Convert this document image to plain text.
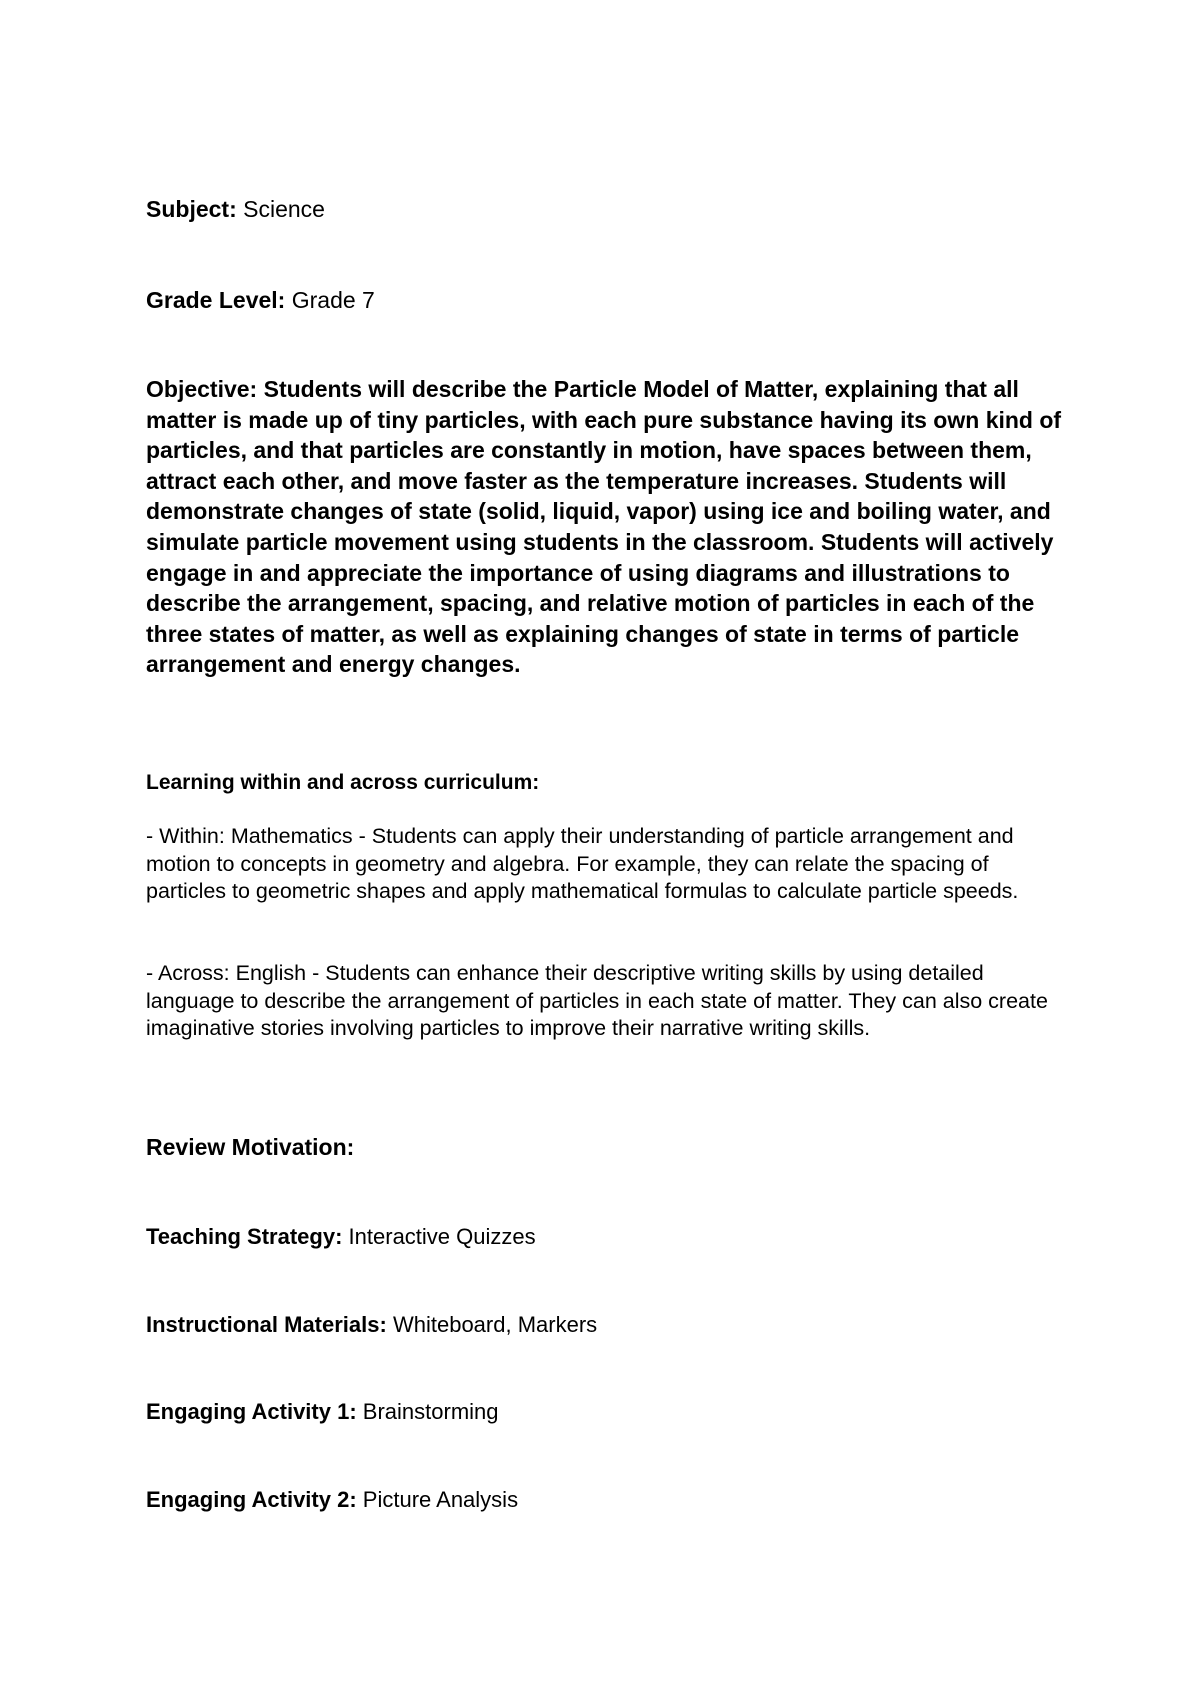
Subject: Science

Grade Level: Grade 7

Objective: Students will describe the Particle Model of Matter, explaining that all matter is made up of tiny particles, with each pure substance having its own kind of particles, and that particles are constantly in motion, have spaces between them, attract each other, and move faster as the temperature increases. Students will demonstrate changes of state (solid, liquid, vapor) using ice and boiling water, and simulate particle movement using students in the classroom. Students will actively engage in and appreciate the importance of using diagrams and illustrations to describe the arrangement, spacing, and relative motion of particles in each of the three states of matter, as well as explaining changes of state in terms of particle arrangement and energy changes.

Learning within and across curriculum:

- Within: Mathematics - Students can apply their understanding of particle arrangement and motion to concepts in geometry and algebra. For example, they can relate the spacing of particles to geometric shapes and apply mathematical formulas to calculate particle speeds.

- Across: English - Students can enhance their descriptive writing skills by using detailed language to describe the arrangement of particles in each state of matter. They can also create imaginative stories involving particles to improve their narrative writing skills.

Review Motivation:

Teaching Strategy: Interactive Quizzes

Instructional Materials: Whiteboard, Markers

Engaging Activity 1: Brainstorming

Engaging Activity 2: Picture Analysis
